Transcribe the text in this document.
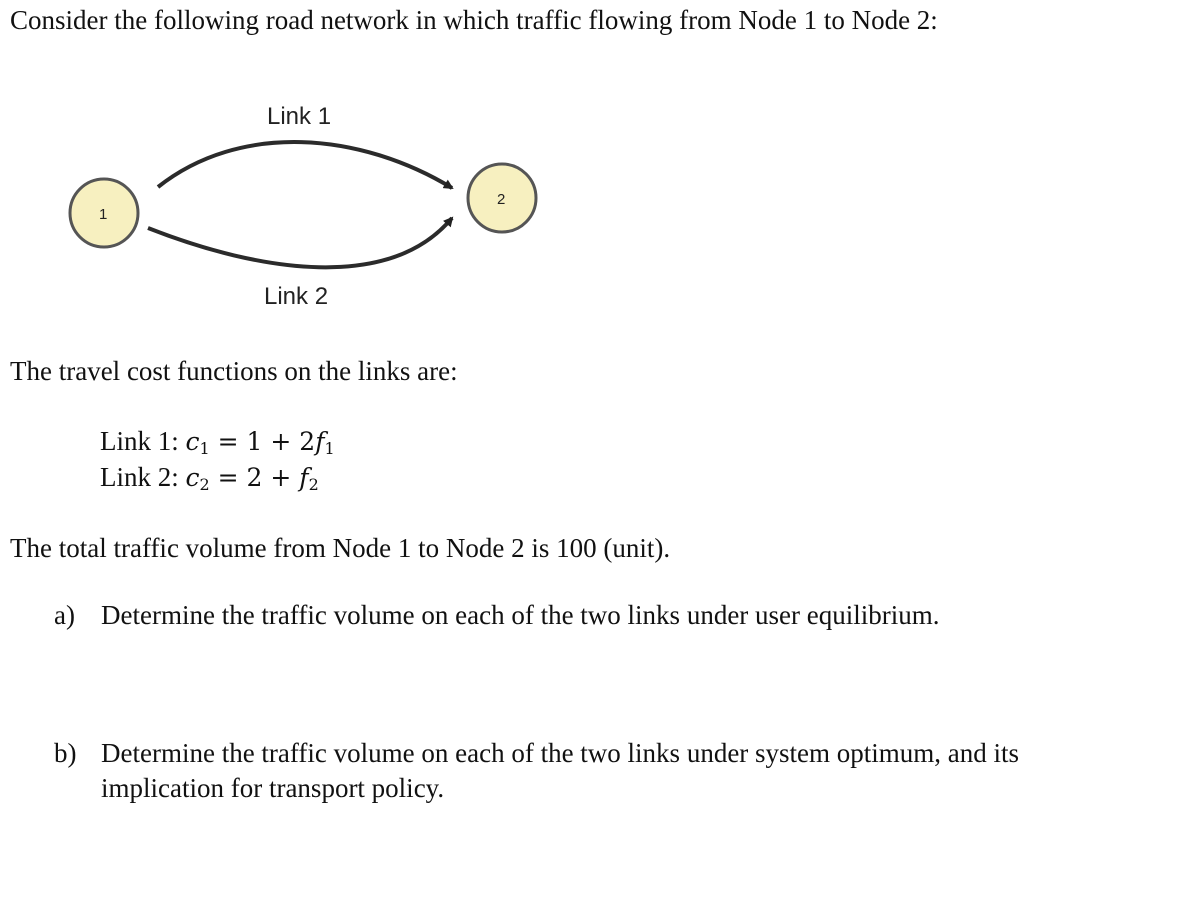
Consider the following road network in which traffic flowing from Node 1 to Node 2:
1
2
Link 1
Link 2
The travel cost functions on the links are:
Link 1: $c_1 = 1 + 2f_1$
Link 2: $c_2 = 2 + f_2$
The total traffic volume from Node 1 to Node 2 is 100 (unit).
a) Determine the traffic volume on each of the two links under user equilibrium.
b) Determine the traffic volume on each of the two links under system optimum, and its implication for transport policy.
